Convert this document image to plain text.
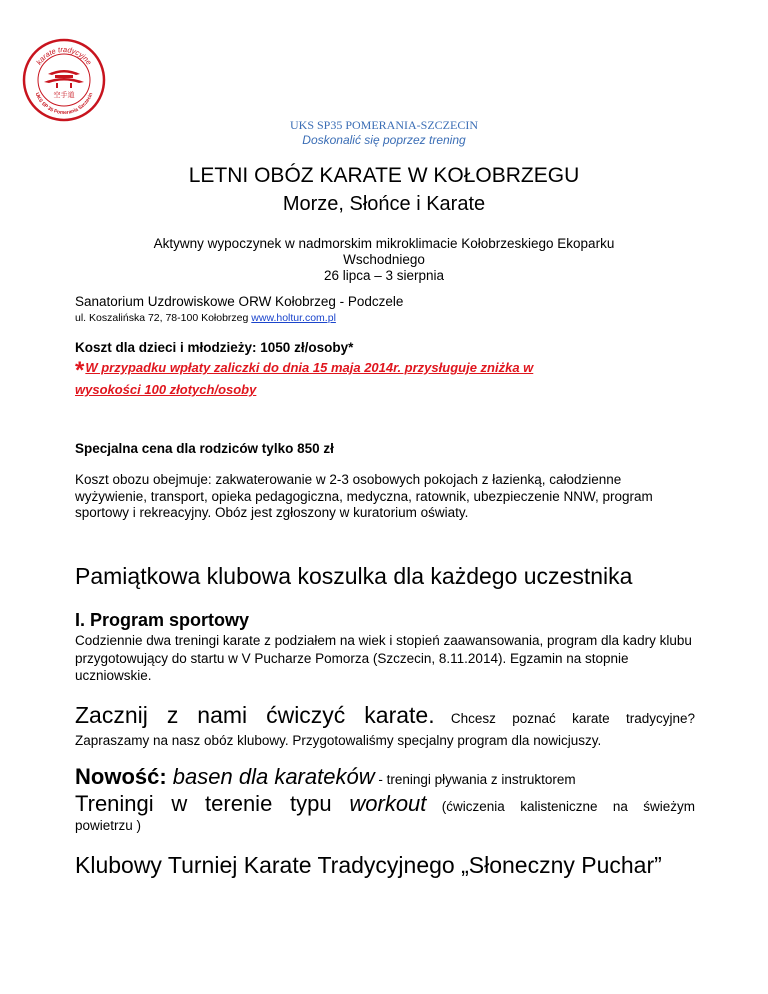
karate tradycyjne
UKS SP 35 Pomerania Szczecin
空手道
UKS SP35 POMERANIA-SZCZECIN
Doskonalić się poprzez trening
LETNI OBÓZ KARATE W KOŁOBRZEGU
Morze, Słońce i Karate
Aktywny wypoczynek w nadmorskim mikroklimacie Kołobrzeskiego Ekoparku
Wschodniego
26 lipca – 3 sierpnia
Sanatorium Uzdrowiskowe ORW Kołobrzeg - Podczele
ul. Koszalińska 72, 78-100 Kołobrzeg www.holtur.com.pl
Koszt dla dzieci i młodzieży: 1050 zł/osoby*
*W przypadku wpłaty zaliczki do dnia 15 maja 2014r. przysługuje zniżka w
wysokości 100 złotych/osoby
Specjalna cena dla rodziców tylko 850 zł
Koszt obozu obejmuje: zakwaterowanie w 2-3 osobowych pokojach z łazienką, całodzienne wyżywienie, transport, opieka pedagogiczna, medyczna, ratownik, ubezpieczenie NNW, program sportowy i rekreacyjny. Obóz jest zgłoszony w kuratorium oświaty.
Pamiątkowa klubowa koszulka dla każdego uczestnika
I. Program sportowy
Codziennie dwa treningi karate z podziałem na wiek i stopień zaawansowania, program dla kadry klubu przygotowujący do startu w V Pucharze Pomorza (Szczecin, 8.11.2014). Egzamin na stopnie uczniowskie.
Zacznij z nami ćwiczyć karate. Chcesz poznać karate tradycyjne?
Zapraszamy na nasz obóz klubowy. Przygotowaliśmy specjalny program dla nowicjuszy.
Nowość: basen dla karateków - treningi pływania z instruktorem
Treningi w terenie typu workout (ćwiczenia kalisteniczne na świeżym
powietrzu )
Klubowy Turniej Karate Tradycyjnego „Słoneczny Puchar”
